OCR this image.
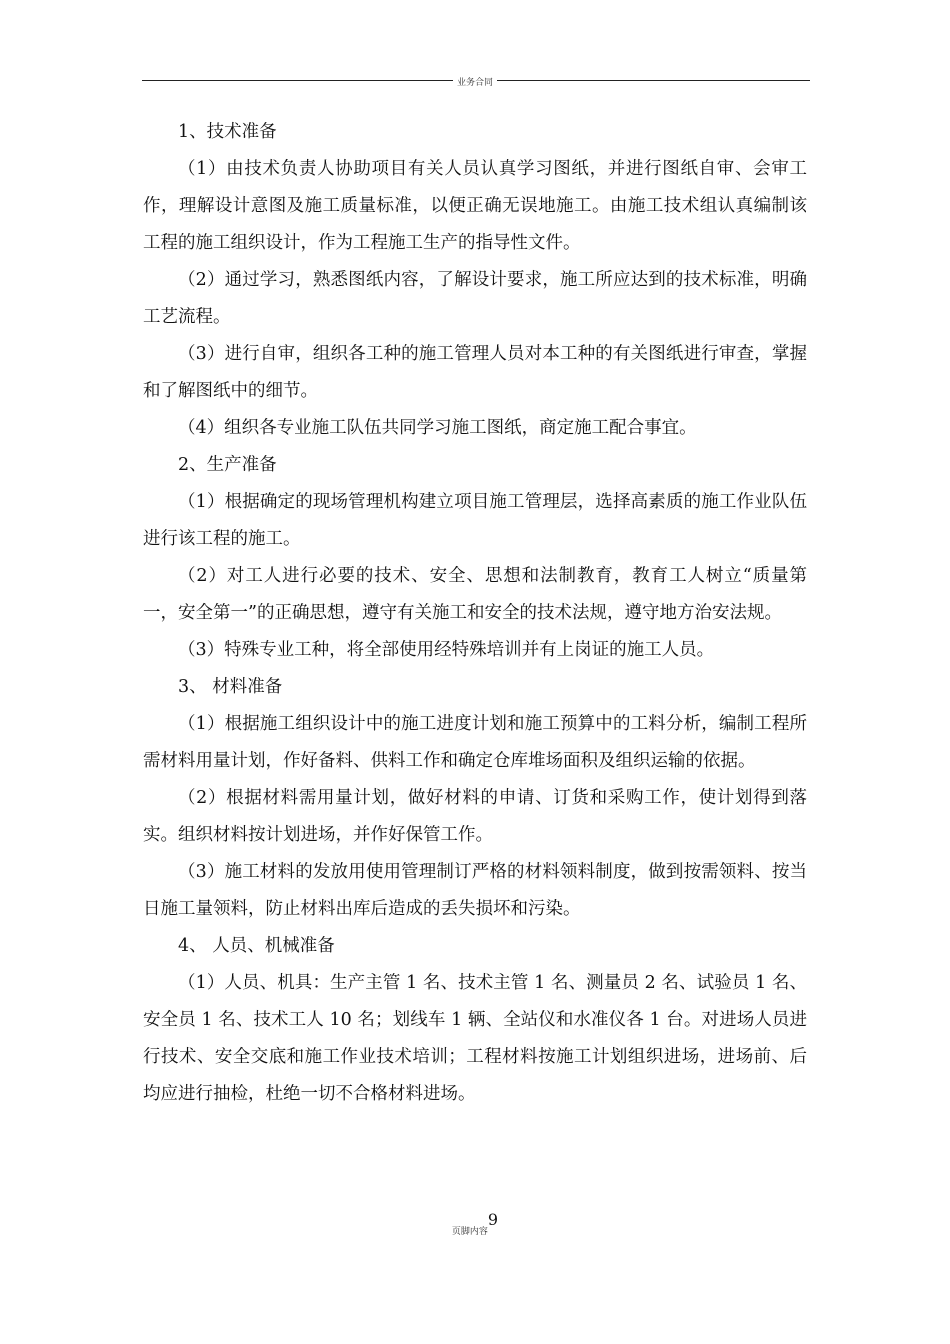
业务合同

1、技术准备

（1）由技术负责人协助项目有关人员认真学习图纸，并进行图纸自审、会审工作，理解设计意图及施工质量标准，以便正确无误地施工。由施工技术组认真编制该工程的施工组织设计，作为工程施工生产的指导性文件。

（2）通过学习，熟悉图纸内容，了解设计要求，施工所应达到的技术标准，明确工艺流程。

（3）进行自审，组织各工种的施工管理人员对本工种的有关图纸进行审查，掌握和了解图纸中的细节。

（4）组织各专业施工队伍共同学习施工图纸，商定施工配合事宜。

2、生产准备

（1）根据确定的现场管理机构建立项目施工管理层，选择高素质的施工作业队伍进行该工程的施工。

（2）对工人进行必要的技术、安全、思想和法制教育，教育工人树立“质量第一，安全第一”的正确思想，遵守有关施工和安全的技术法规，遵守地方治安法规。

（3）特殊专业工种，将全部使用经特殊培训并有上岗证的施工人员。

3、 材料准备

（1）根据施工组织设计中的施工进度计划和施工预算中的工料分析，编制工程所需材料用量计划，作好备料、供料工作和确定仓库堆场面积及组织运输的依据。

（2）根据材料需用量计划，做好材料的申请、订货和采购工作，使计划得到落实。组织材料按计划进场，并作好保管工作。

（3）施工材料的发放用使用管理制订严格的材料领料制度，做到按需领料、按当日施工量领料，防止材料出库后造成的丢失损坏和污染。

4、 人员、机械准备

（1）人员、机具：生产主管 1 名、技术主管 1 名、测量员 2 名、试验员 1 名、安全员 1 名、技术工人 10 名；划线车 1 辆、全站仪和水准仪各 1 台。对进场人员进行技术、安全交底和施工作业技术培训；工程材料按施工计划组织进场，进场前、后均应进行抽检，杜绝一切不合格材料进场。

页脚内容9
